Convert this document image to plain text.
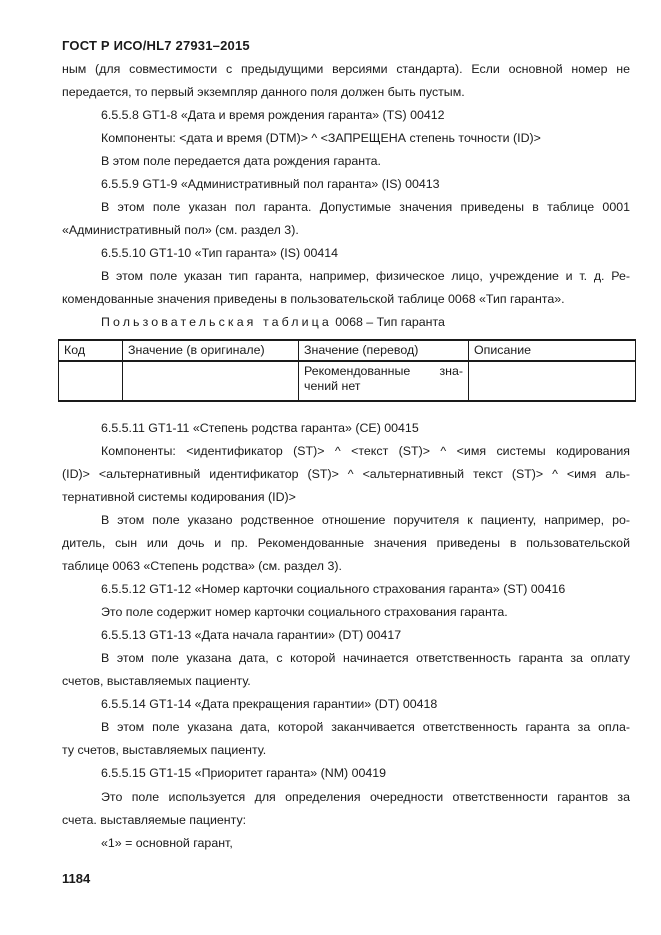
ГОСТ Р ИСО/HL7 27931–2015
ным (для совместимости с предыдущими версиями стандарта). Если основной номер не
передается, то первый экземпляр данного поля должен быть пустым.
6.5.5.8 GT1-8 «Дата и время рождения гаранта» (TS) 00412
Компоненты: <дата и время (DTM)> ^ <ЗАПРЕЩЕНА степень точности (ID)>
В этом поле передается дата рождения гаранта.
6.5.5.9 GT1-9 «Административный пол гаранта» (IS) 00413
В этом поле указан пол гаранта. Допустимые значения приведены в таблице 0001
«Административный пол» (см. раздел 3).
6.5.5.10 GT1-10 «Тип гаранта» (IS) 00414
В этом поле указан тип гаранта, например, физическое лицо, учреждение и т. д. Ре-
комендованные значения приведены в пользовательской таблице 0068 «Тип гаранта».
Пользовательская таблица 0068 – Тип гаранта
Код	Значение (в оригинале)	Значение (перевод)	Описание

		Рекомендованные зна-
чений нет	

6.5.5.11 GT1-11 «Степень родства гаранта» (CE) 00415
Компоненты: <идентификатор (ST)> ^ <текст (ST)> ^ <имя системы кодирования
(ID)> <альтернативный идентификатор (ST)> ^ <альтернативный текст (ST)> ^ <имя аль-
тернативной системы кодирования (ID)>
В этом поле указано родственное отношение поручителя к пациенту, например, ро-
дитель, сын или дочь и пр. Рекомендованные значения приведены в пользовательской
таблице 0063 «Степень родства» (см. раздел 3).
6.5.5.12 GT1-12 «Номер карточки социального страхования гаранта» (ST) 00416
Это поле содержит номер карточки социального страхования гаранта.
6.5.5.13 GT1-13 «Дата начала гарантии» (DT) 00417
В этом поле указана дата, с которой начинается ответственность гаранта за оплату
счетов, выставляемых пациенту.
6.5.5.14 GT1-14 «Дата прекращения гарантии» (DT) 00418
В этом поле указана дата, которой заканчивается ответственность гаранта за опла-
ту счетов, выставляемых пациенту.
6.5.5.15 GT1-15 «Приоритет гаранта» (NM) 00419
Это поле используется для определения очередности ответственности гарантов за
счета. выставляемые пациенту:
«1» = основной гарант,
1184
